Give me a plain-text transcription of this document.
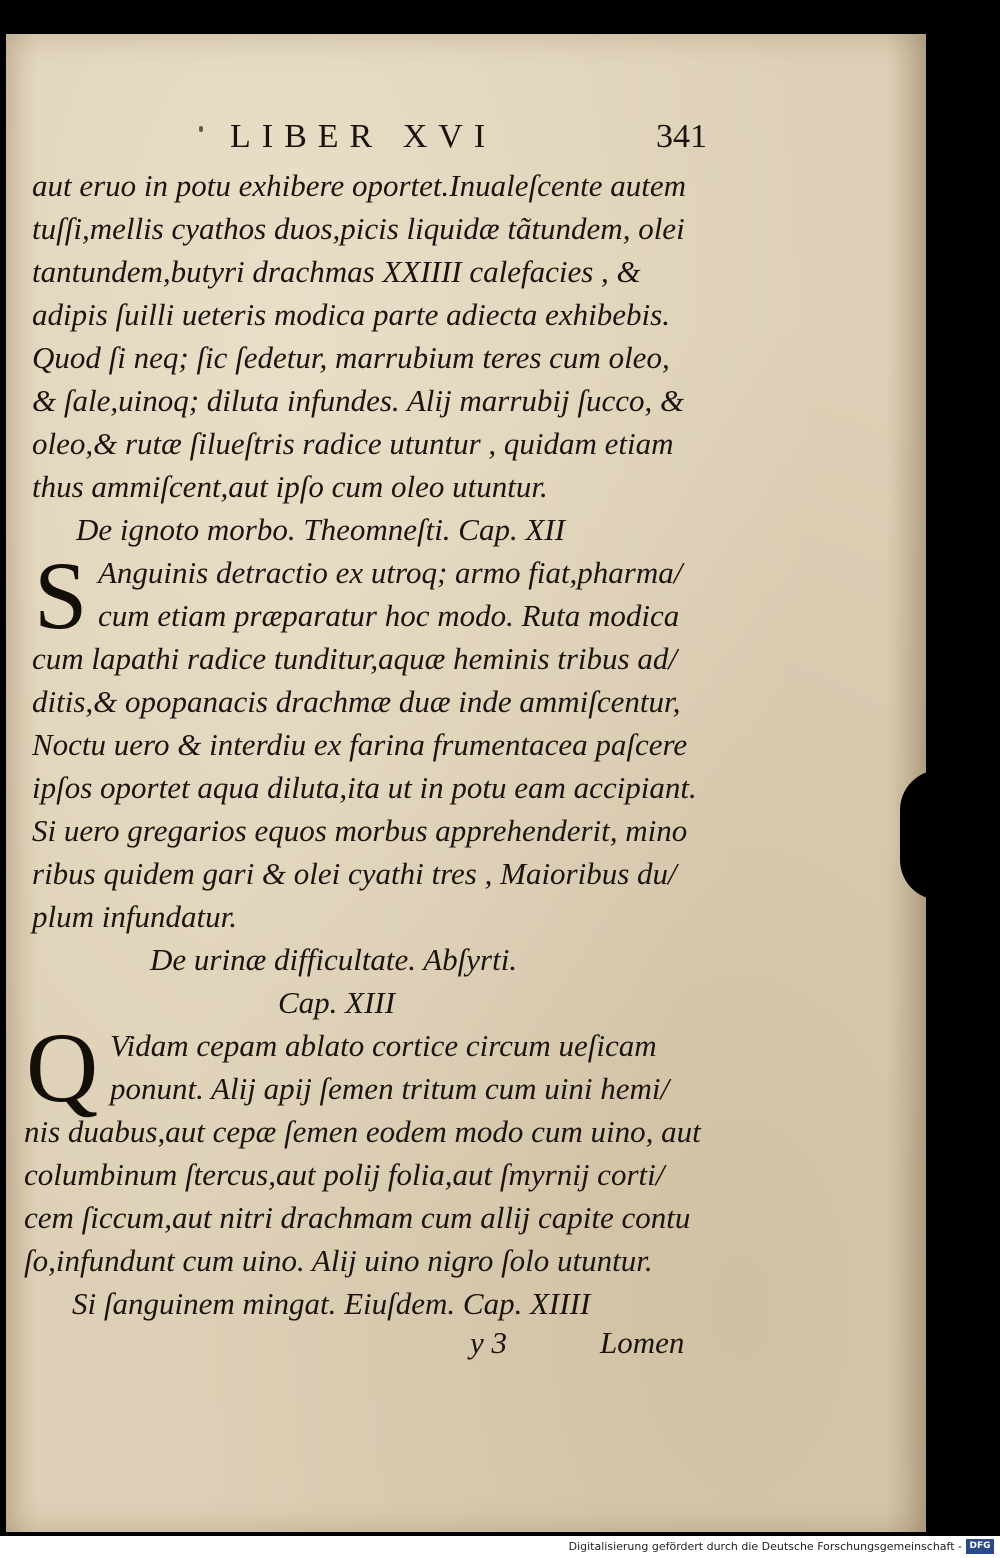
LIBER XVI	341
aut eruo in potu exhibere oportet.Inualeſcente autem
tuſſi,mellis cyathos duos,picis liquidæ tãtundem, olei
tantundem,butyri drachmas XXIIII calefacies , &
adipis ſuilli ueteris modica parte adiecta exhibebis.
Quod ſi neq; ſic ſedetur, marrubium teres cum oleo,
& ſale,uinoq; diluta infundes. Alij marrubij ſucco, &
oleo,& rutæ ſilueſtris radice utuntur , quidam etiam
thus ammiſcent,aut ipſo cum oleo utuntur.
De ignoto morbo. Theomneſti. Cap. XII
S Anguinis detractio ex utroq; armo fiat,pharma/
cum etiam præparatur hoc modo. Ruta modica
cum lapathi radice tunditur,aquæ heminis tribus ad/
ditis,& opopanacis drachmæ duæ inde ammiſcentur,
Noctu uero & interdiu ex farina frumentacea paſcere
ipſos oportet aqua diluta,ita ut in potu eam accipiant.
Si uero gregarios equos morbus apprehenderit, mino
ribus quidem gari & olei cyathi tres , Maioribus du/
plum infundatur.
De urinæ difficultate. Abſyrti.
Cap. XIII
Q Vidam cepam ablato cortice circum ueſicam
ponunt. Alij apij ſemen tritum cum uini hemi/
nis duabus,aut cepæ ſemen eodem modo cum uino, aut
columbinum ſtercus,aut polij folia,aut ſmyrnij corti/
cem ſiccum,aut nitri drachmam cum allij capite contu
ſo,infundunt cum uino. Alij uino nigro ſolo utuntur.
Si ſanguinem mingat. Eiuſdem. Cap. XIIII
y 3	Lomen
Digitalisierung gefördert durch die Deutsche Forschungsgemeinschaft - DFG
